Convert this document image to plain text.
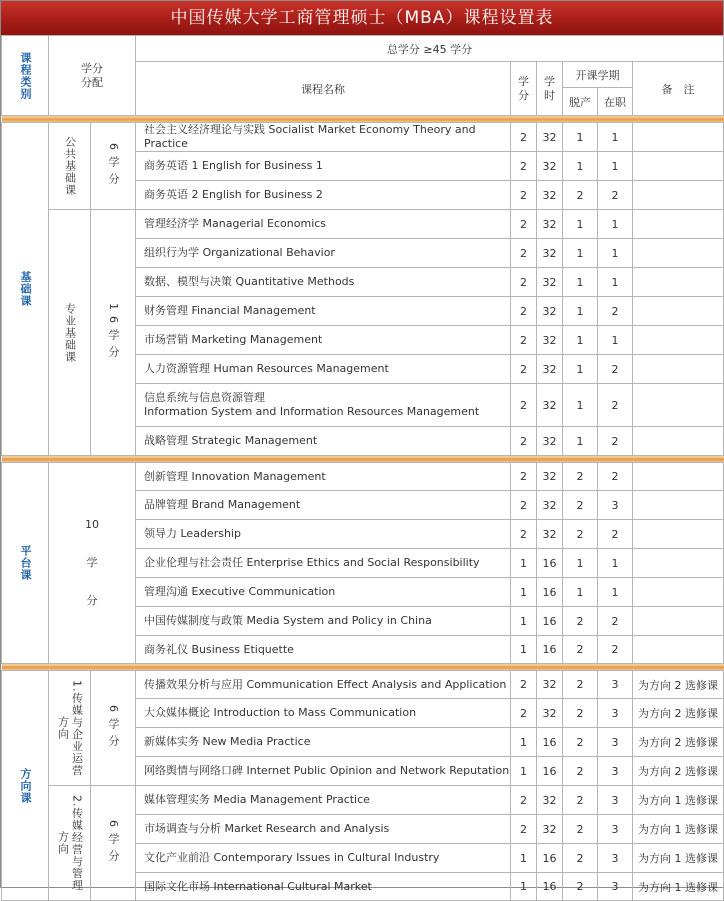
中国传媒大学工商管理硕士（MBA）课程设置表
课程类别	学分分配		总学分 ≥45 学分					
			课程名称	学分	学时	开课学期		备　注
						脱产	在职	

基础课	公共基础课	6学分	社会主义经济理论与实践 Socialist Market Economy Theory and Practice	2	32	1	1	
			商务英语 1 English for Business 1	2	32	1	1	
			商务英语 2 English for Business 2	2	32	2	2	

	专业基础课	16学分	管理经济学 Managerial Economics	2	32	1	1	
			组织行为学 Organizational Behavior	2	32	1	1	
			数据、模型与决策 Quantitative Methods	2	32	1	1	
			财务管理 Financial Management	2	32	1	2	
			市场营销 Marketing Management	2	32	1	1	
			人力资源管理 Human Resources Management	2	32	1	2	

			信息系统与信息资源管理
Information System and Information Resources Management	2	32	1	2	
			战略管理 Strategic Management	2	32	1	2	

平台课	10
学
分		创新管理 Innovation Management	2	32	2	2	
			品牌管理 Brand Management	2	32	2	3	
			领导力 Leadership	2	32	2	2	
			企业伦理与社会责任 Enterprise Ethics and Social Responsibility	1	16	1	1	
			管理沟通 Executive Communication	1	16	1	1	
			中国传媒制度与政策 Media System and Policy in China	1	16	2	2	
			商务礼仪 Business Etiquette	1	16	2	2	

方向课	1.传媒与企业运营方向	6学分	传播效果分析与应用 Communication Effect Analysis and Application	2	32	2	3	为方向 2 选修课
			大众媒体概论 Introduction to Mass Communication	2	32	2	3	为方向 2 选修课
			新媒体实务 New Media Practice	1	16	2	3	为方向 2 选修课
			网络舆情与网络口碑 Internet Public Opinion and Network Reputation	1	16	2	3	为方向 2 选修课

	2.传媒经营与管理方向	6学分	媒体管理实务 Media Management Practice	2	32	2	3	为方向 1 选修课
			市场调查与分析 Market Research and Analysis	2	32	2	3	为方向 1 选修课
			文化产业前沿 Contemporary Issues in Cultural Industry	1	16	2	3	为方向 1 选修课
			国际文化市场 International Cultural Market	1	16	2	3	为方向 1 选修课
